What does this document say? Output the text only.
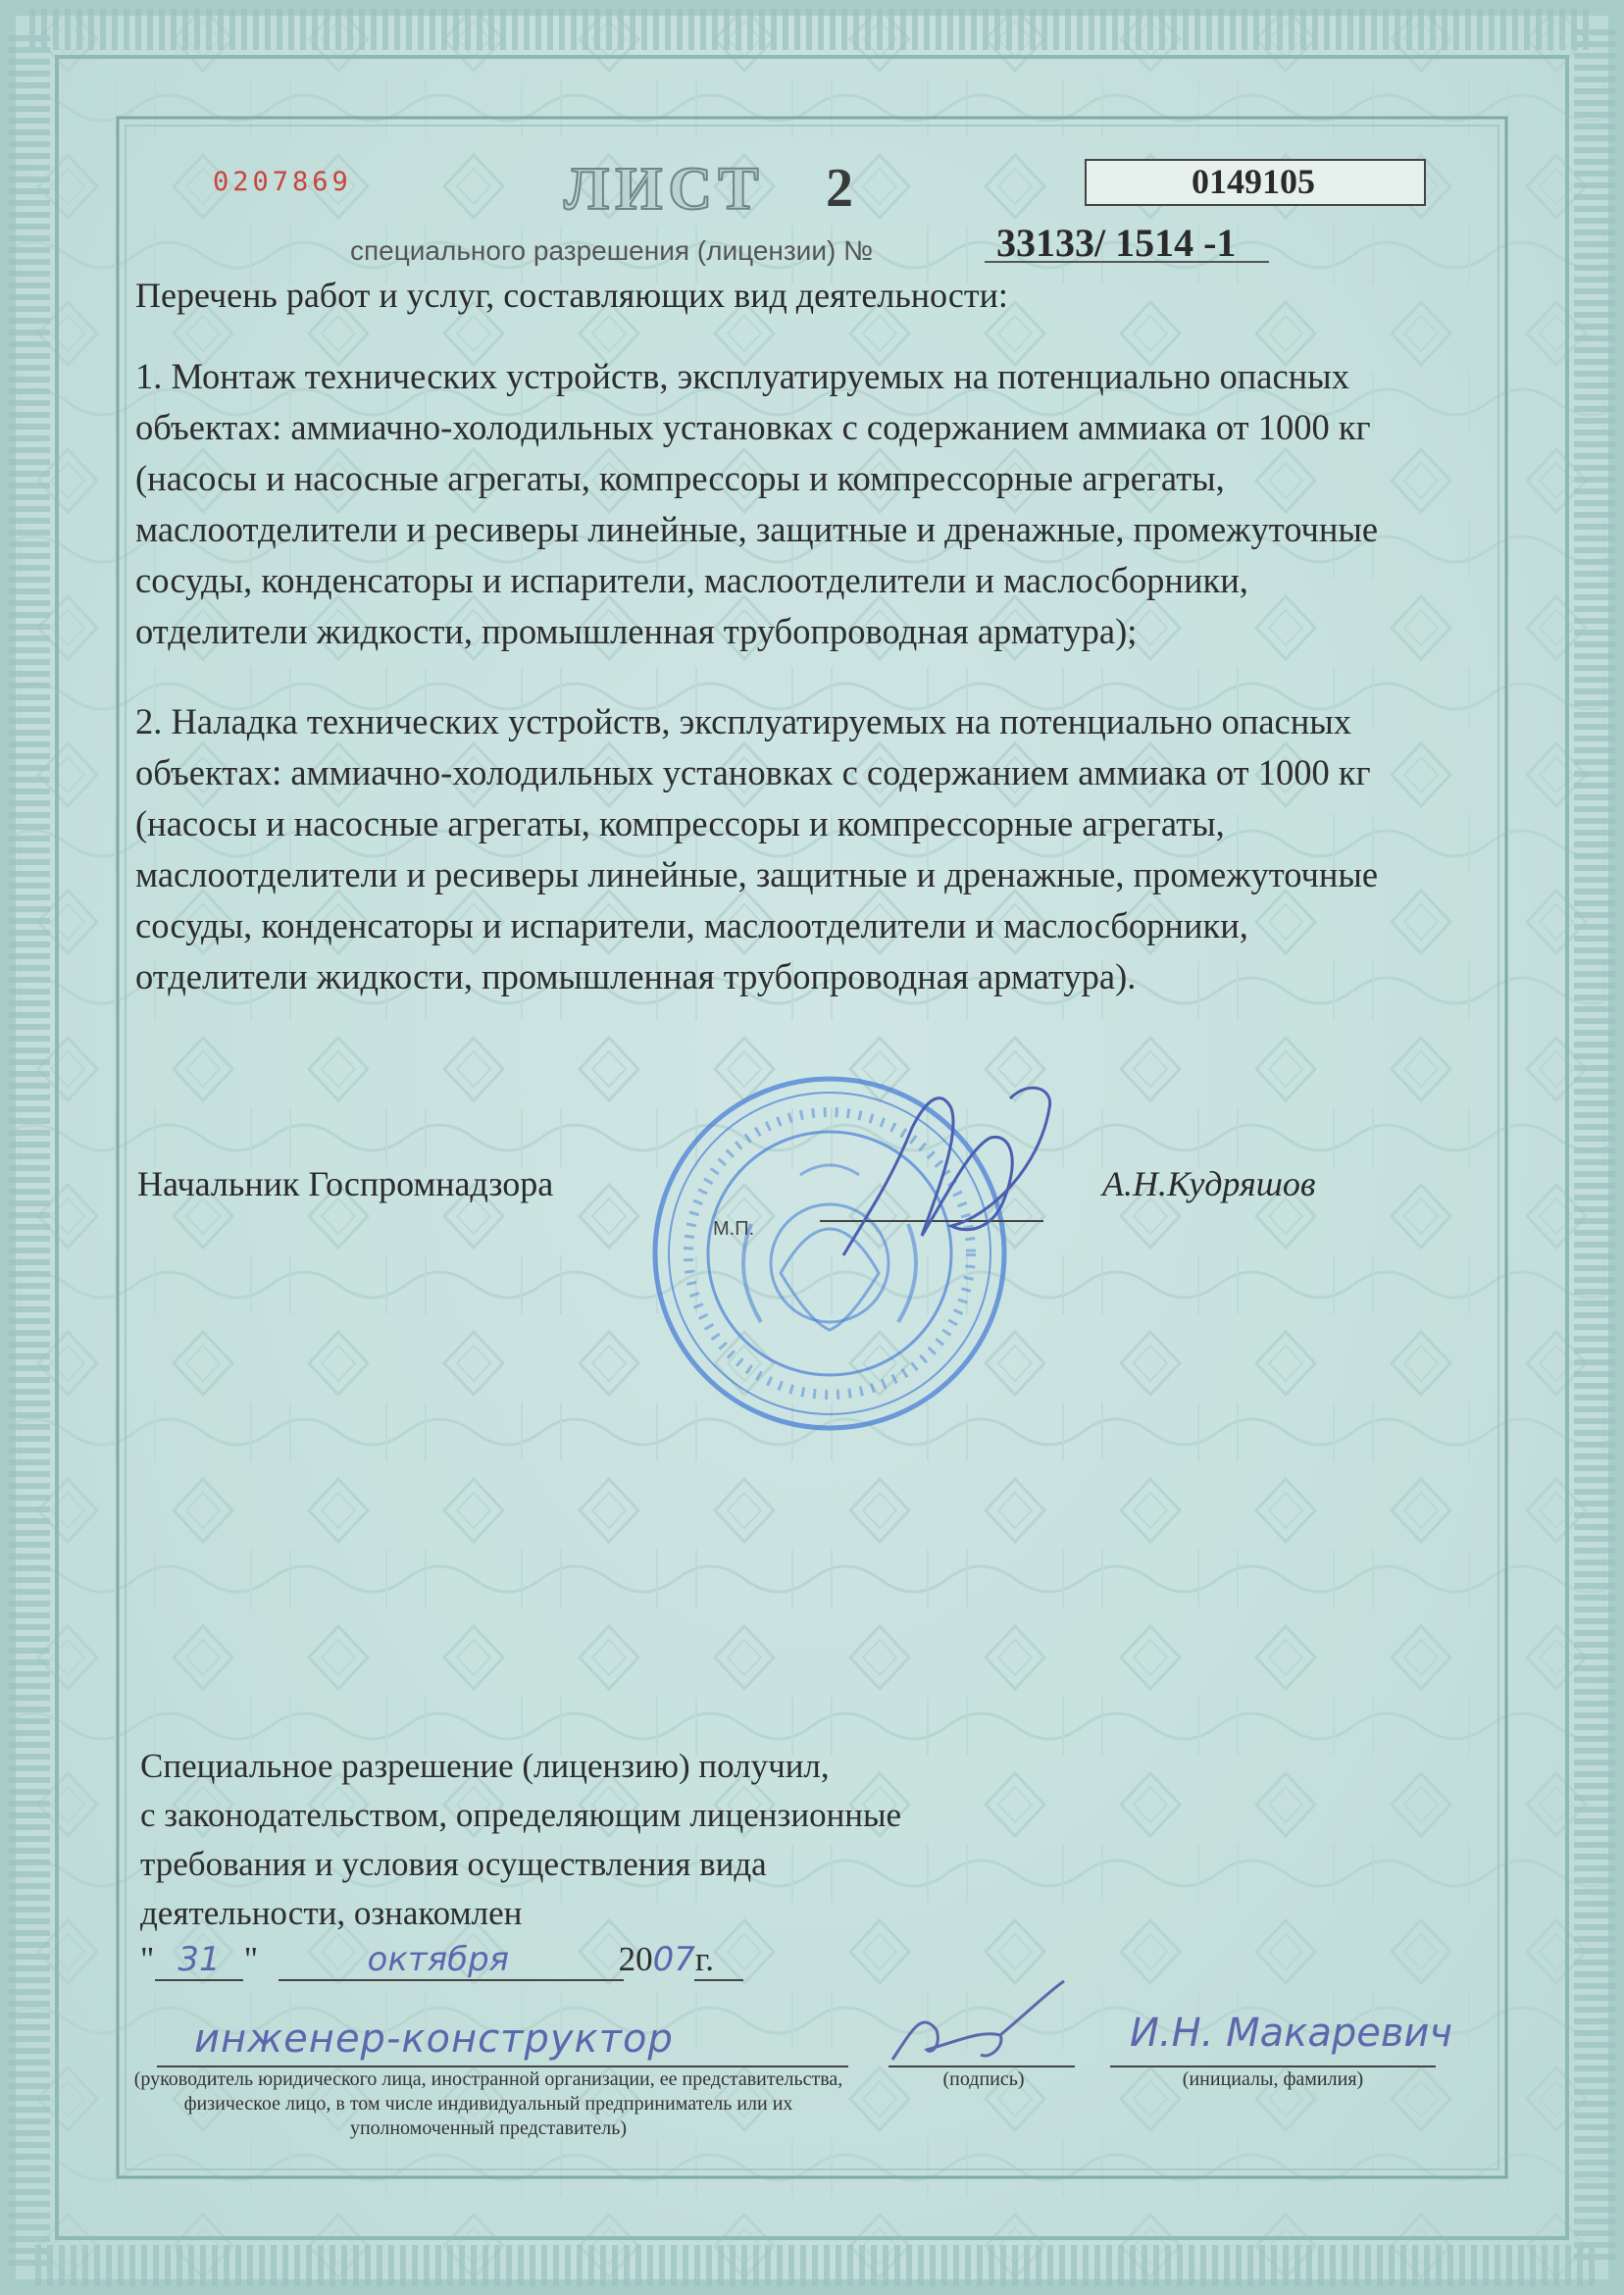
0207869	ЛИСТ 2	0149105
специального разрешения (лицензии) №	33133/ 1514 -1
Перечень работ и услуг, составляющих вид деятельности:
1. Монтаж технических устройств, эксплуатируемых на потенциально опасных объектах: аммиачно-холодильных установках с содержанием аммиака от 1000 кг (насосы и насосные агрегаты, компрессоры и компрессорные агрегаты, маслоотделители и ресиверы линейные, защитные и дренажные, промежуточные сосуды, конденсаторы и испарители, маслоотделители и маслосборники, отделители жидкости, промышленная трубопроводная арматура);
2. Наладка технических устройств, эксплуатируемых на потенциально опасных объектах: аммиачно-холодильных установках с содержанием аммиака от 1000 кг (насосы и насосные агрегаты, компрессоры и компрессорные агрегаты, маслоотделители и ресиверы линейные, защитные и дренажные, промежуточные сосуды, конденсаторы и испарители, маслоотделители и маслосборники, отделители жидкости, промышленная трубопроводная арматура).
Начальник Госпромнадзора	А.Н.Кудряшов
М.П.
Специальное разрешение (лицензию) получил,
с законодательством, определяющим лицензионные
требования и условия осуществления вида
деятельности, ознакомлен
" 31 "	октября	2007г.
инженер-конструктор	И.Н. Макаревич
(руководитель юридического лица, иностранной организации, ее представительства, физическое лицо, в том числе индивидуальный предприниматель или их уполномоченный представитель)
(подпись)	(инициалы, фамилия)
